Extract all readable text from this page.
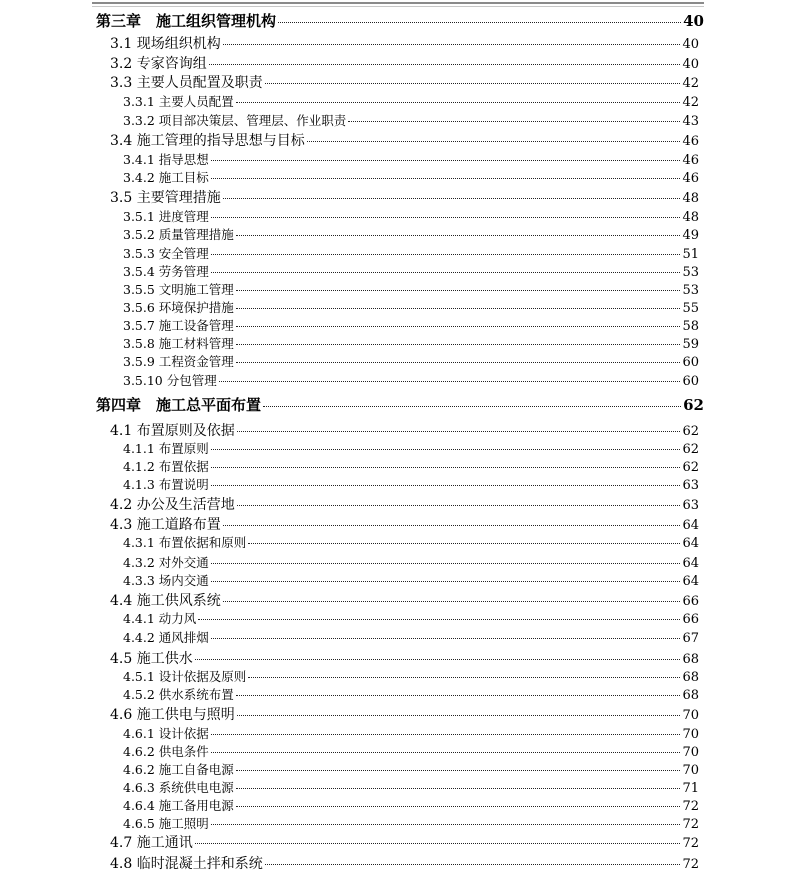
第三章　施工组织管理机构	40
3.1 现场组织机构	40
3.2 专家咨询组	40
3.3 主要人员配置及职责	42
3.3.1 主要人员配置	42
3.3.2 项目部决策层、管理层、作业职责	43
3.4 施工管理的指导思想与目标	46
3.4.1 指导思想	46
3.4.2 施工目标	46
3.5 主要管理措施	48
3.5.1 进度管理	48
3.5.2 质量管理措施	49
3.5.3 安全管理	51
3.5.4 劳务管理	53
3.5.5 文明施工管理	53
3.5.6 环境保护措施	55
3.5.7 施工设备管理	58
3.5.8 施工材料管理	59
3.5.9 工程资金管理	60
3.5.10 分包管理	60
第四章　施工总平面布置	62
4.1 布置原则及依据	62
4.1.1 布置原则	62
4.1.2 布置依据	62
4.1.3 布置说明	63
4.2 办公及生活营地	63
4.3 施工道路布置	64
4.3.1 布置依据和原则	64
4.3.2 对外交通	64
4.3.3 场内交通	64
4.4 施工供风系统	66
4.4.1 动力风	66
4.4.2 通风排烟	67
4.5 施工供水	68
4.5.1 设计依据及原则	68
4.5.2 供水系统布置	68
4.6 施工供电与照明	70
4.6.1 设计依据	70
4.6.2 供电条件	70
4.6.2 施工自备电源	70
4.6.3 系统供电电源	71
4.6.4 施工备用电源	72
4.6.5 施工照明	72
4.7 施工通讯	72
4.8 临时混凝土拌和系统	72
